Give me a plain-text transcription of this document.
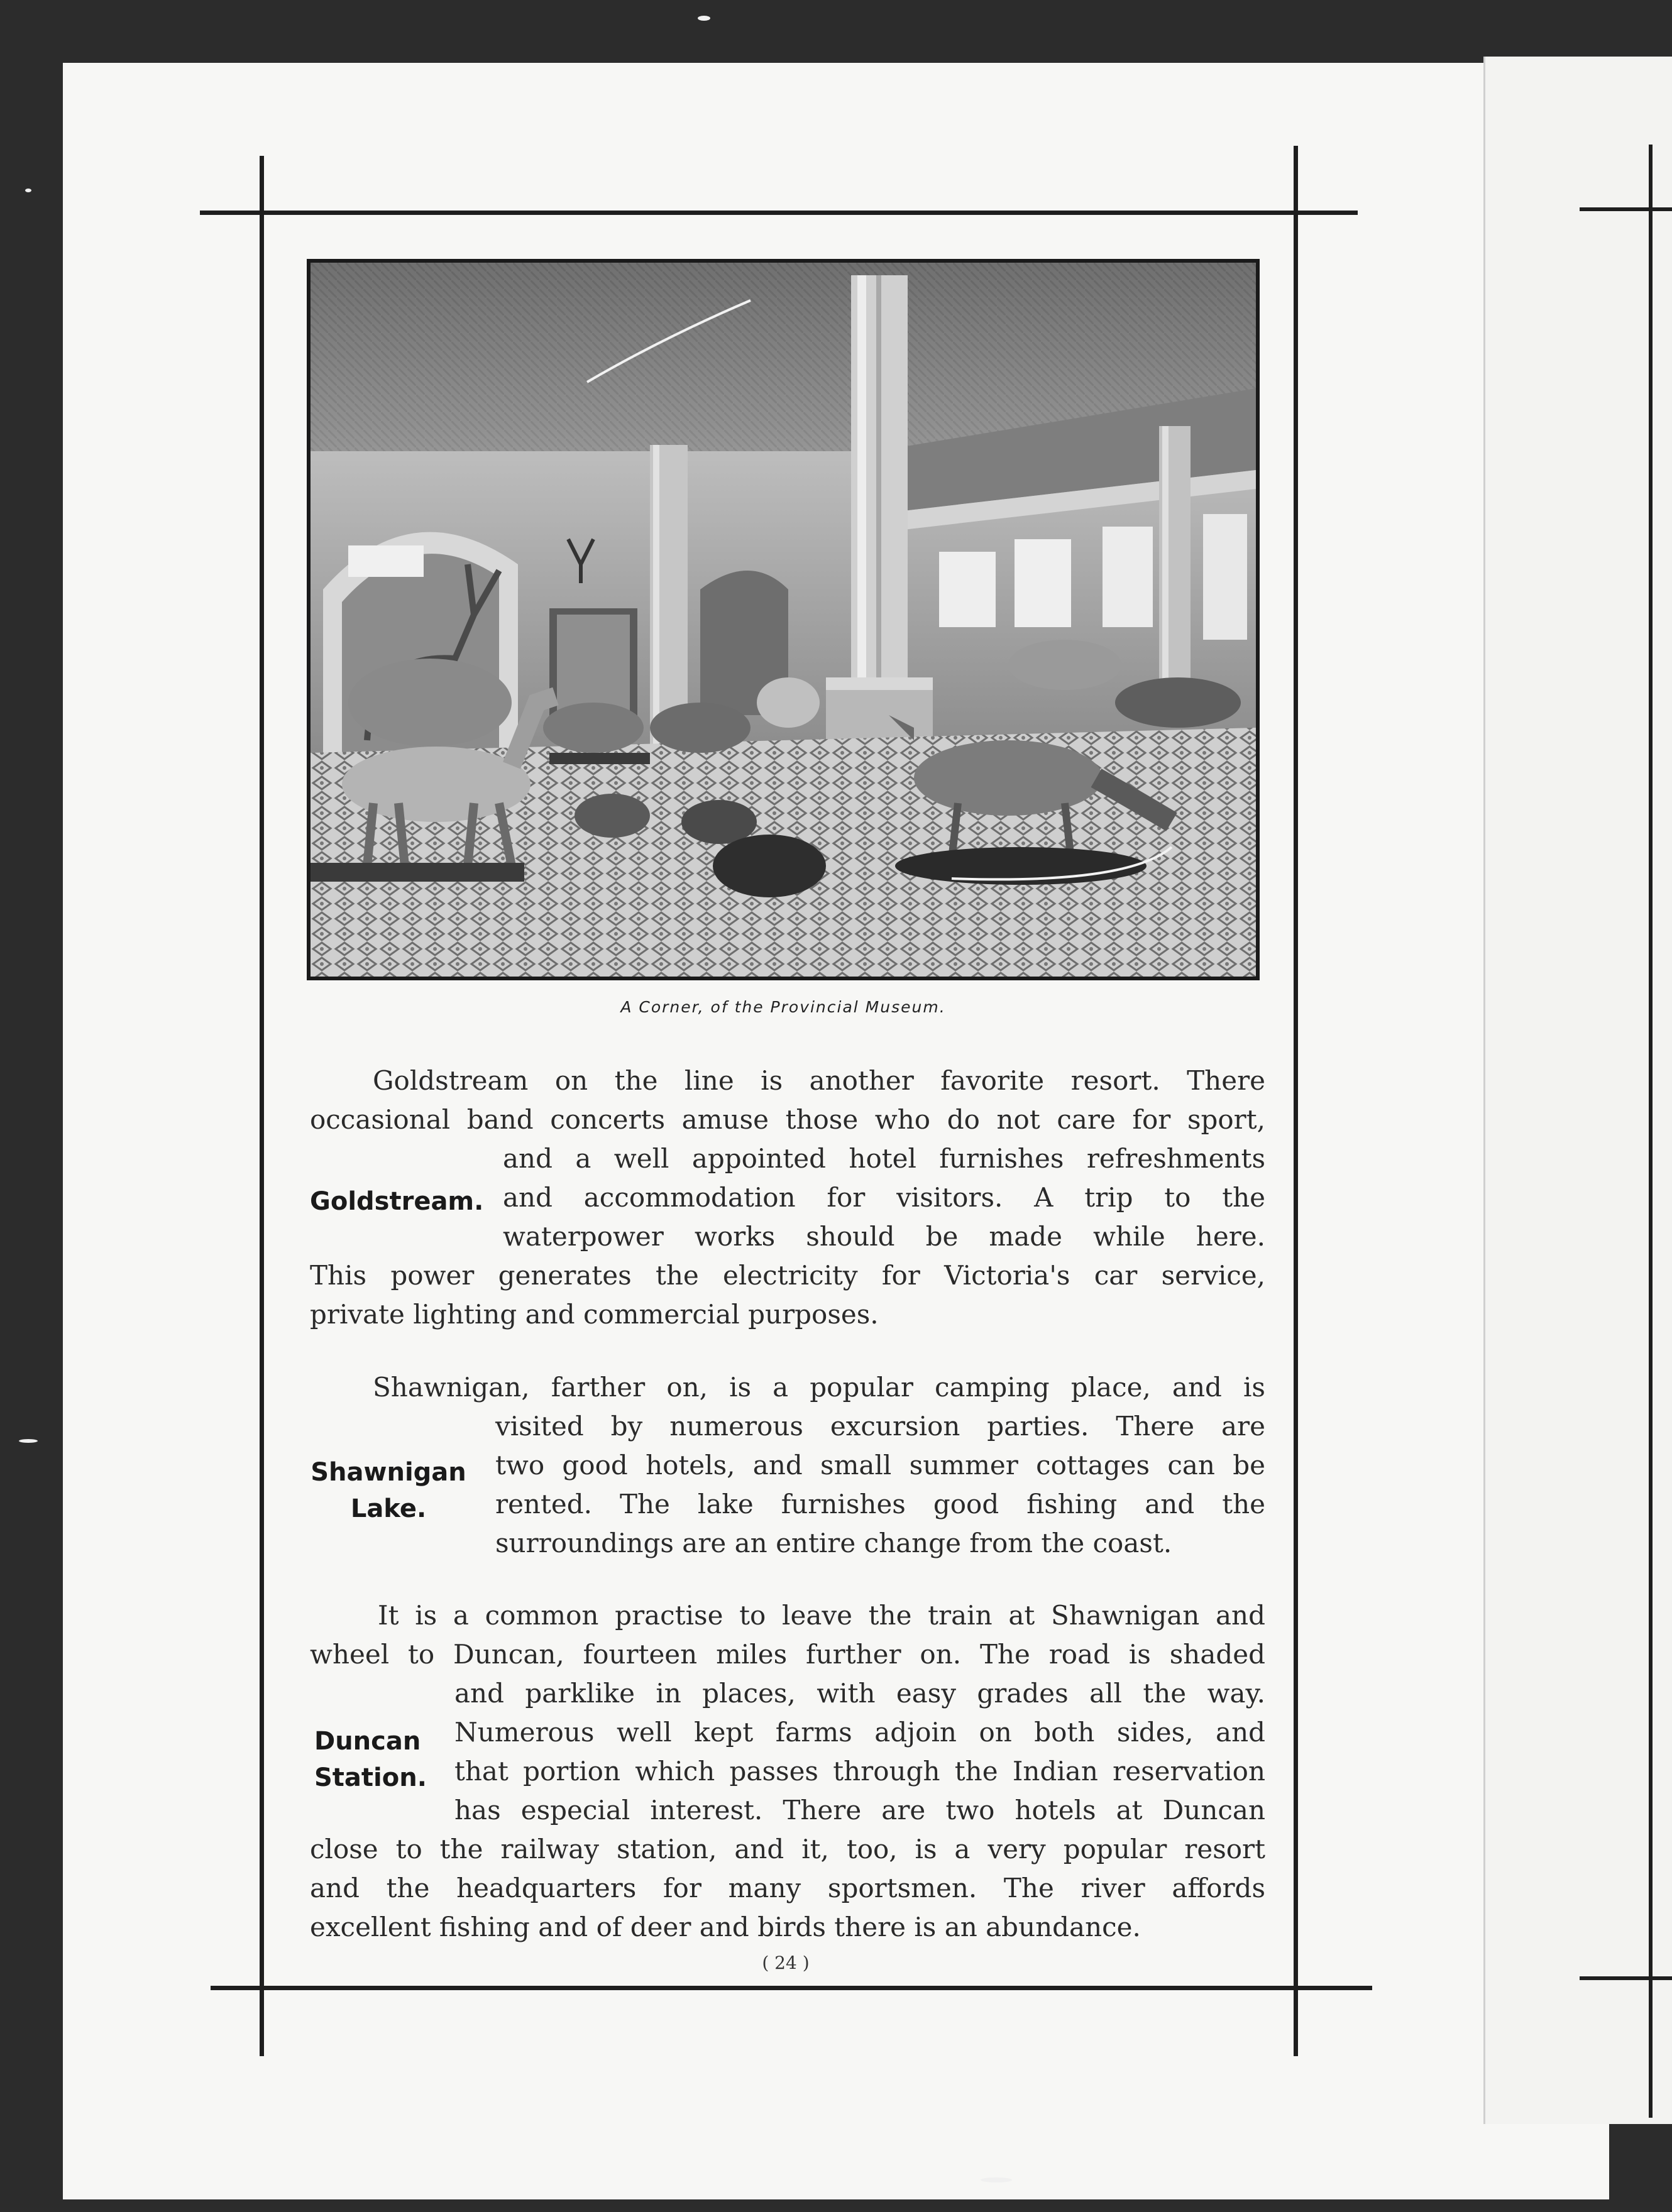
A Corner, of the Provincial Museum.
Goldstream on the line is another favorite resort. There
occasional band concerts amuse those who do not care for sport,
and a well appointed hotel furnishes refreshments
and accommodation for visitors. A trip to the
waterpower works should be made while here.
This power generates the electricity for Victoria's car service,
private lighting and commercial purposes.
Goldstream.
Shawnigan, farther on, is a popular camping place, and is
visited by numerous excursion parties. There are
two good hotels, and small summer cottages can be
rented. The lake furnishes good fishing and the
surroundings are an entire change from the coast.
Shawnigan
Lake.
It is a common practise to leave the train at Shawnigan and
wheel to Duncan, fourteen miles further on. The road is shaded
and parklike in places, with easy grades all the way.
Numerous well kept farms adjoin on both sides, and
that portion which passes through the Indian reservation
has especial interest. There are two hotels at Duncan
close to the railway station, and it, too, is a very popular resort
and the headquarters for many sportsmen. The river affords
excellent fishing and of deer and birds there is an abundance.
Duncan
Station.
( 24 )
